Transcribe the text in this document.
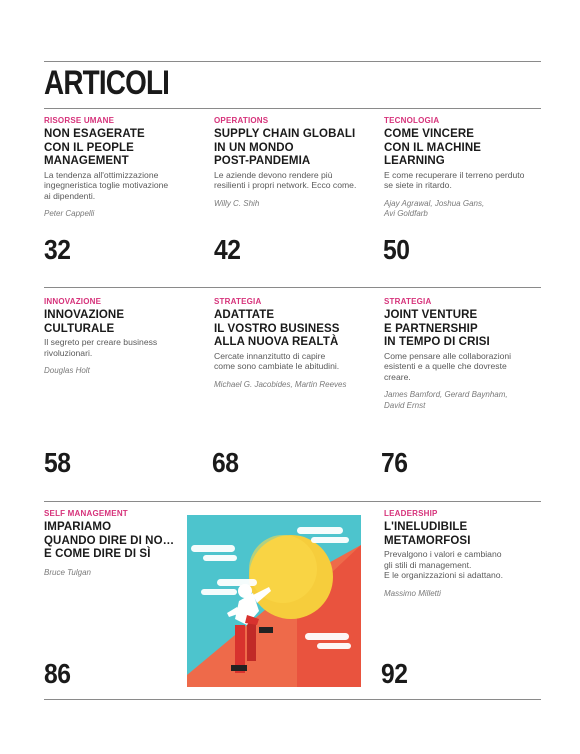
ARTICOLI
RISORSE UMANE
NON ESAGERATE
CON IL PEOPLE
MANAGEMENT
La tendenza all'ottimizzazione
ingegneristica toglie motivazione
ai dipendenti.
Peter Cappelli
OPERATIONS
SUPPLY CHAIN GLOBALI
IN UN MONDO
POST-PANDEMIA
Le aziende devono rendere più
resilienti i propri network. Ecco come.
Willy C. Shih
TECNOLOGIA
COME VINCERE
CON IL MACHINE
LEARNING
E come recuperare il terreno perduto
se siete in ritardo.
Ajay Agrawal, Joshua Gans,
Avi Goldfarb
32	42	50
INNOVAZIONE
INNOVAZIONE
CULTURALE
Il segreto per creare business
rivoluzionari.
Douglas Holt
STRATEGIA
ADATTATE
IL VOSTRO BUSINESS
ALLA NUOVA REALTÀ
Cercate innanzitutto di capire
come sono cambiate le abitudini.
Michael G. Jacobides, Martin Reeves
STRATEGIA
JOINT VENTURE
E PARTNERSHIP
IN TEMPO DI CRISI
Come pensare alle collaborazioni
esistenti e a quelle che dovreste
creare.
James Bamford, Gerard Baynham,
David Ernst
58	68	76
SELF MANAGEMENT
IMPARIAMO
QUANDO DIRE DI NO…
E COME DIRE DI SÌ
Bruce Tulgan
LEADERSHIP
L'INELUDIBILE
METAMORFOSI
Prevalgono i valori e cambiano
gli stili di management.
E le organizzazioni si adattano.
Massimo Milletti
86	92
